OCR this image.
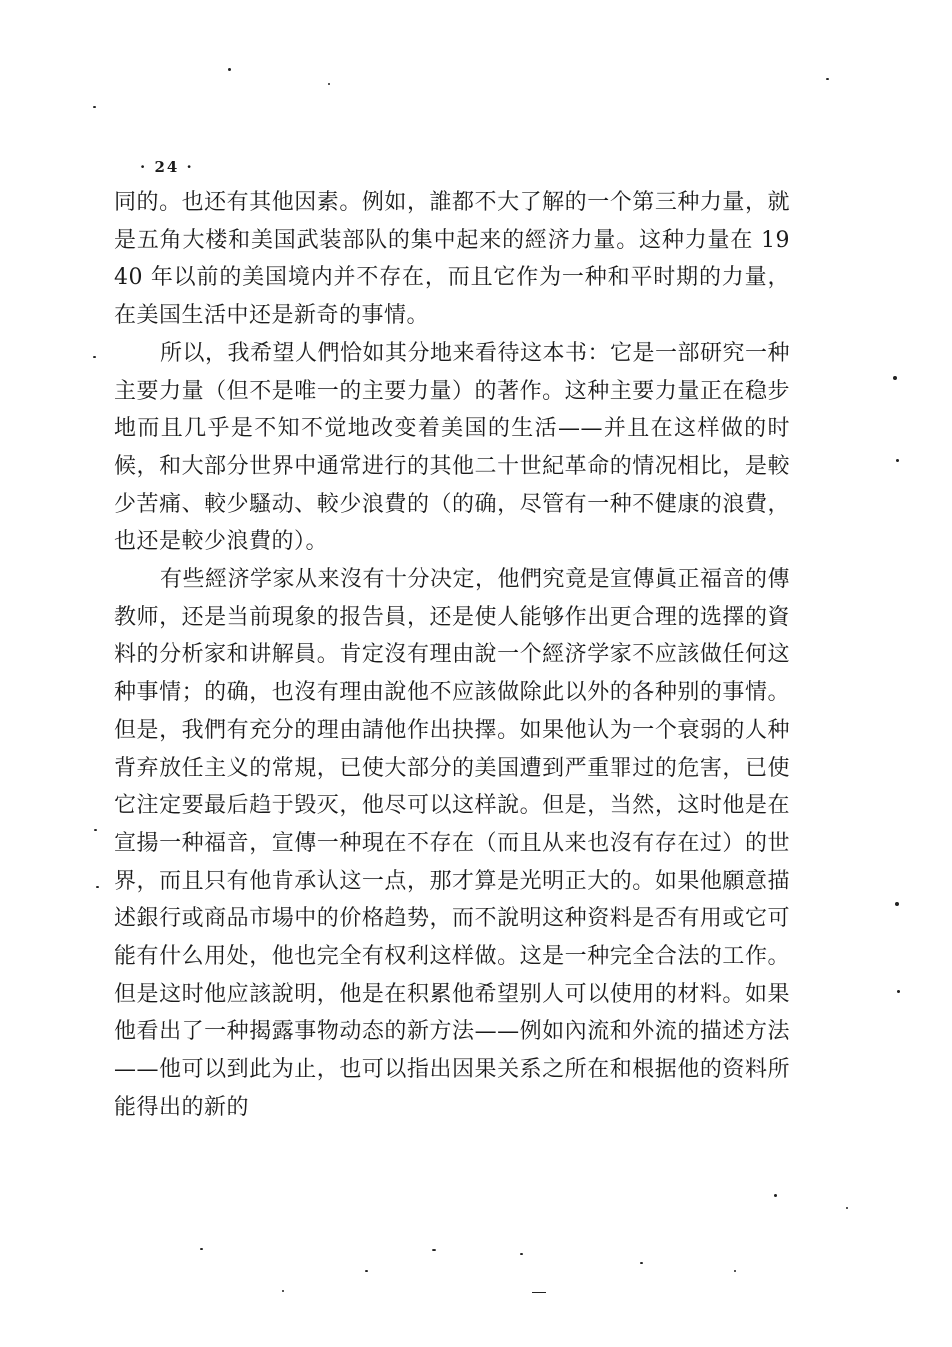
· 24 ·

同的。也还有其他因素。例如，誰都不大了解的一个第三种力量，就是五角大楼和美国武装部队的集中起来的經济力量。这种力量在 1940 年以前的美国境内并不存在，而且它作为一种和平时期的力量，在美国生活中还是新奇的事情。

所以，我希望人們恰如其分地来看待这本书：它是一部研究一种主要力量（但不是唯一的主要力量）的著作。这种主要力量正在稳步地而且几乎是不知不觉地改变着美国的生活——并且在这样做的时候，和大部分世界中通常进行的其他二十世紀革命的情况相比，是較少苦痛、較少騷动、較少浪費的（的确，尽管有一种不健康的浪費，也还是較少浪費的）。

有些經济学家从来沒有十分决定，他們究竟是宣傳眞正福音的傳教师，还是当前現象的报告員，还是使人能够作出更合理的选擇的資料的分析家和讲解員。肯定沒有理由說一个經济学家不应該做任何这种事情；的确，也沒有理由說他不应該做除此以外的各种别的事情。但是，我們有充分的理由請他作出抉擇。如果他认为一个衰弱的人种背弃放任主义的常規，已使大部分的美国遭到严重罪过的危害，已使它注定要最后趋于毁灭，他尽可以这样說。但是，当然，这时他是在宣揚一种福音，宣傳一种現在不存在（而且从来也沒有存在过）的世界，而且只有他肯承认这一点，那才算是光明正大的。如果他願意描述銀行或商品市場中的价格趋势，而不說明这种资料是否有用或它可能有什么用处，他也完全有权利这样做。这是一种完全合法的工作。但是这时他应該說明，他是在积累他希望别人可以使用的材料。如果他看出了一种揭露事物动态的新方法——例如內流和外流的描述方法——他可以到此为止，也可以指出因果关系之所在和根据他的资料所能得出的新的
